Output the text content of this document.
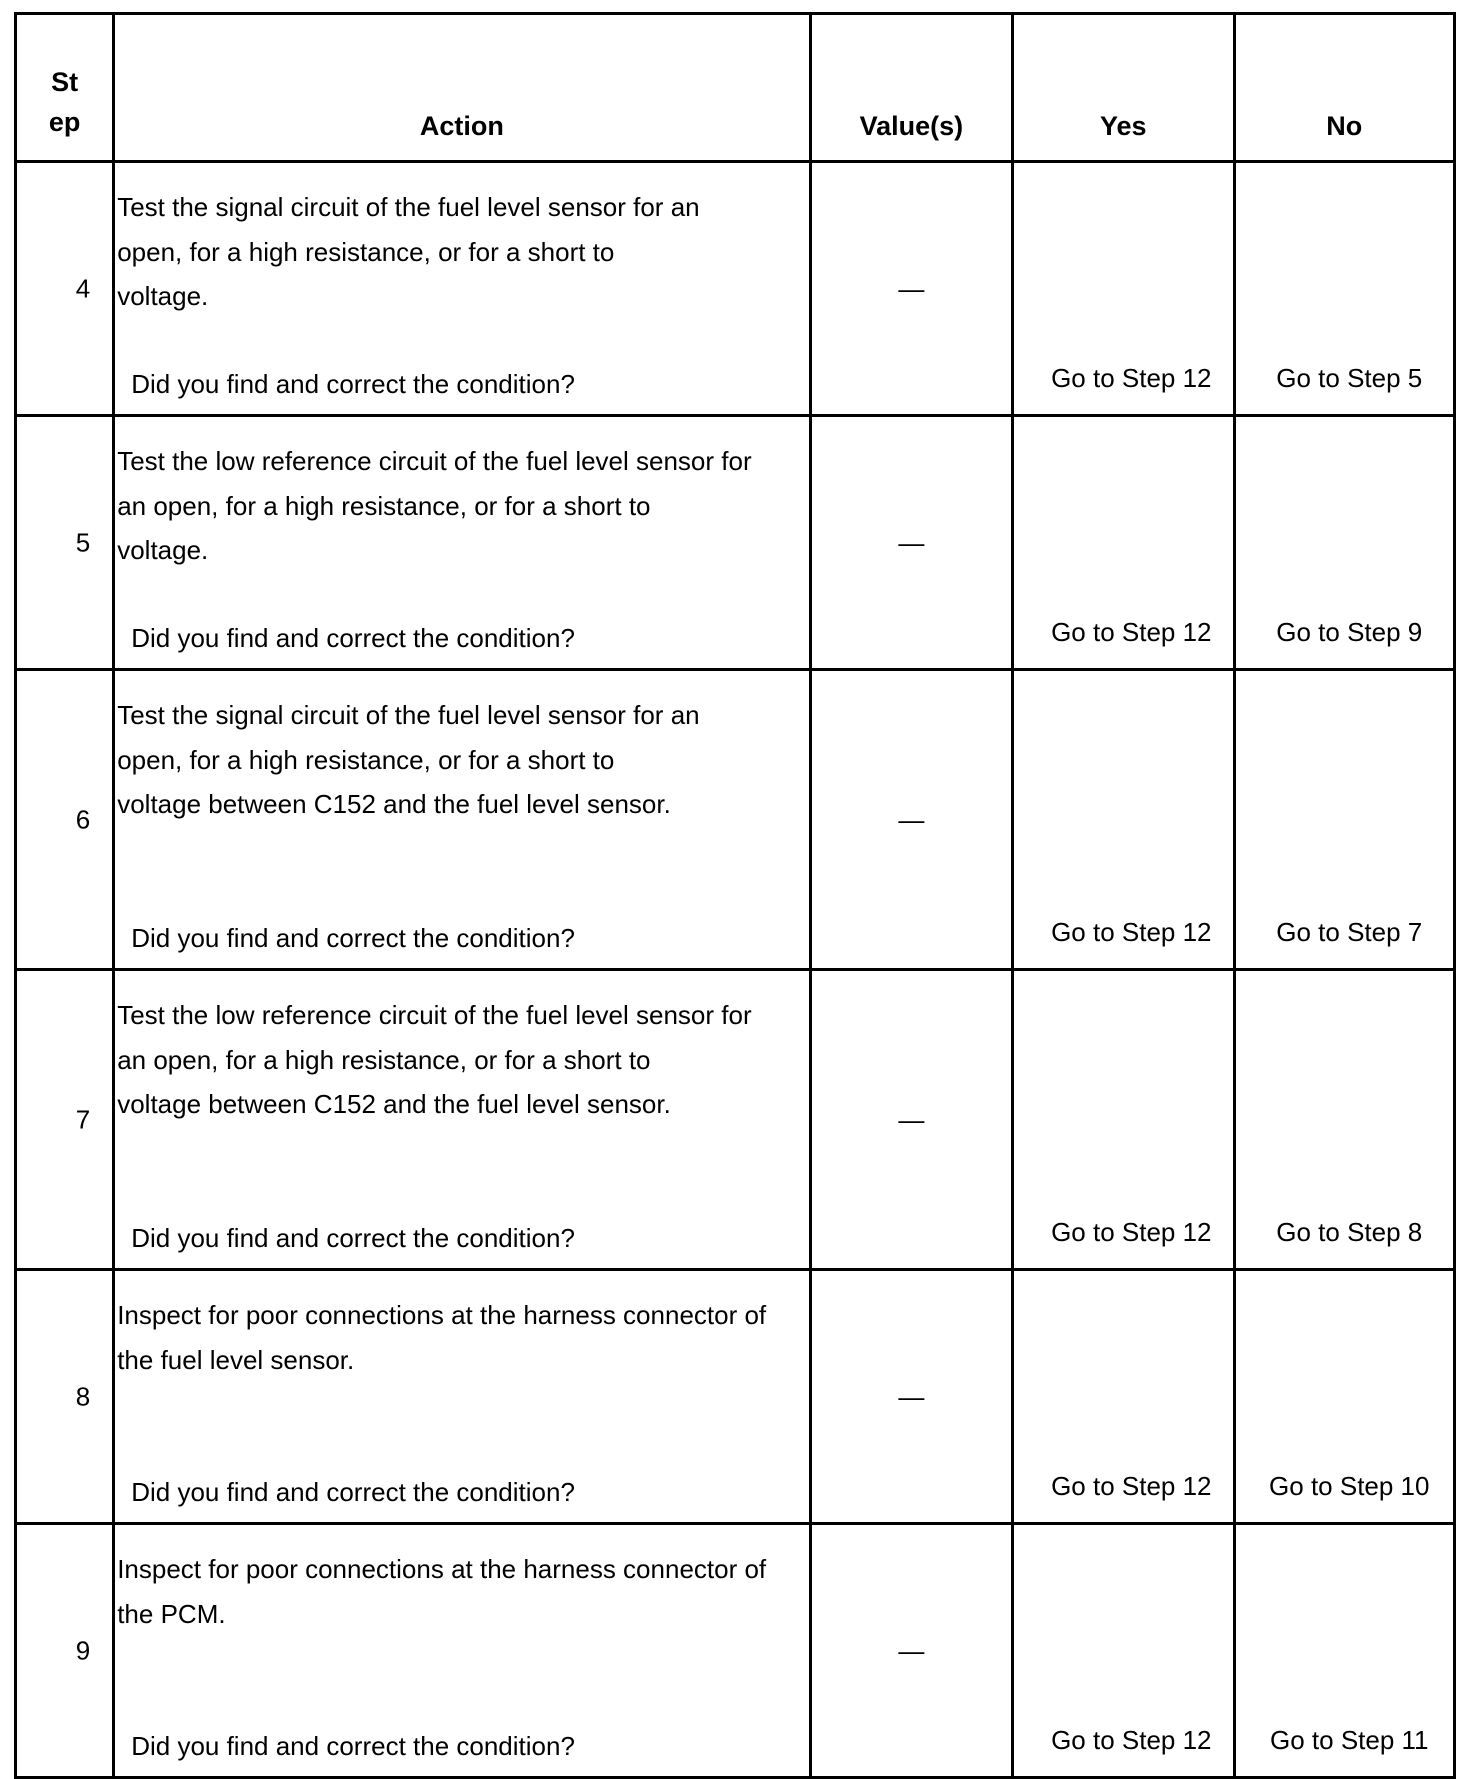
St
ep	Action	Value(s)	Yes	No

4	Test the signal circuit of the fuel level sensor for an
open, for a high resistance, or for a short to
voltage.
Did you find and correct the condition?	—	Go to Step 12	Go to Step 5

5	Test the low reference circuit of the fuel level sensor for
an open, for a high resistance, or for a short to
voltage.
Did you find and correct the condition?	—	Go to Step 12	Go to Step 9

6	Test the signal circuit of the fuel level sensor for an
open, for a high resistance, or for a short to
voltage between C152 and the fuel level sensor.
Did you find and correct the condition?	—	Go to Step 12	Go to Step 7

7	Test the low reference circuit of the fuel level sensor for
an open, for a high resistance, or for a short to
voltage between C152 and the fuel level sensor.
Did you find and correct the condition?	—	Go to Step 12	Go to Step 8

8	Inspect for poor connections at the harness connector of
the fuel level sensor.
Did you find and correct the condition?	—	Go to Step 12	Go to Step 10

9	Inspect for poor connections at the harness connector of
the PCM.
Did you find and correct the condition?	—	Go to Step 12	Go to Step 11
